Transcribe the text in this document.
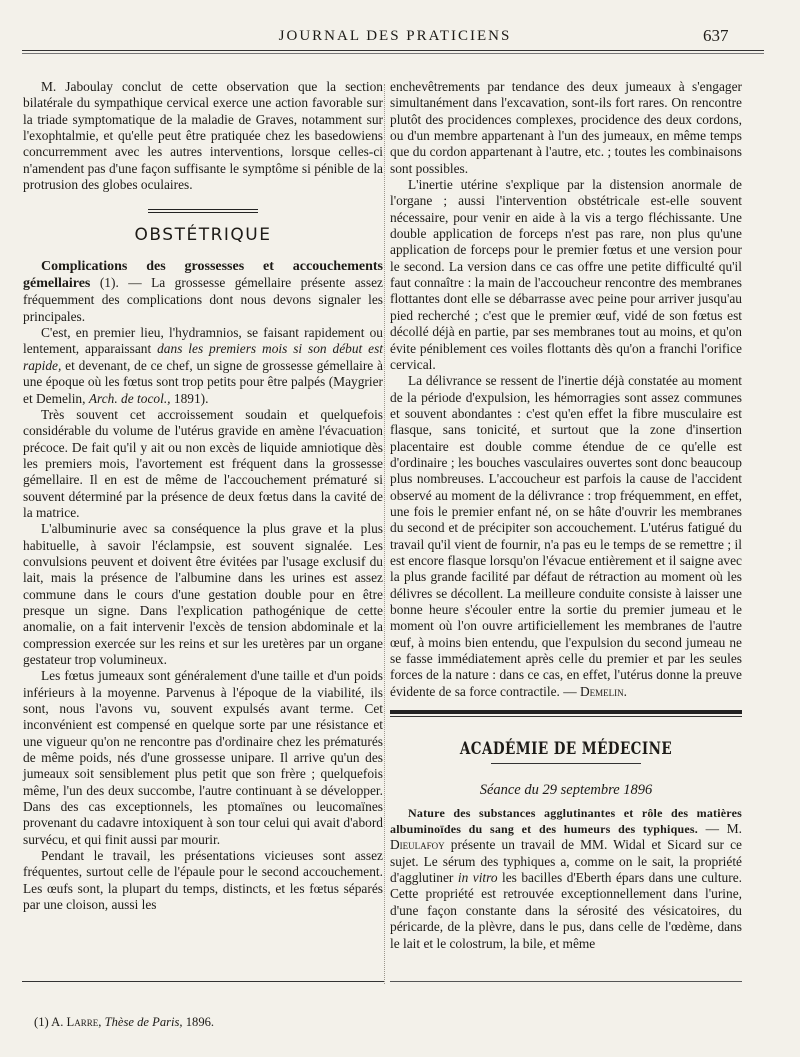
JOURNAL DES PRATICIENS	637

M. Jaboulay conclut de cette observation que la section bilatérale du sympathique cervical exerce une action favorable sur la triade symptomatique de la maladie de Graves, notamment sur l'exophtalmie, et qu'elle peut être pratiquée chez les basedowiens concurremment avec les autres interventions, lorsque celles-ci n'amendent pas d'une façon suffisante le symptôme si pénible de la protrusion des globes oculaires.

OBSTÉTRIQUE

Complications des grossesses et accouchements gémellaires (1). — La grossesse gémellaire présente assez fréquemment des complications dont nous devons signaler les principales.

C'est, en premier lieu, l'hydramnios, se faisant rapidement ou lentement, apparaissant dans les premiers mois si son début est rapide, et devenant, de ce chef, un signe de grossesse gémellaire à une époque où les fœtus sont trop petits pour être palpés (Maygrier et Demelin, Arch. de tocol., 1891).

Très souvent cet accroissement soudain et quelquefois considérable du volume de l'utérus gravide en amène l'évacuation précoce. De fait qu'il y ait ou non excès de liquide amniotique dès les premiers mois, l'avortement est fréquent dans la grossesse gémellaire. Il en est de même de l'accouchement prématuré si souvent déterminé par la présence de deux fœtus dans la cavité de la matrice.

L'albuminurie avec sa conséquence la plus grave et la plus habituelle, à savoir l'éclampsie, est souvent signalée. Les convulsions peuvent et doivent être évitées par l'usage exclusif du lait, mais la présence de l'albumine dans les urines est assez commune dans le cours d'une gestation double pour en être presque un signe. Dans l'explication pathogénique de cette anomalie, on a fait intervenir l'excès de tension abdominale et la compression exercée sur les reins et sur les uretères par un organe gestateur trop volumineux.

Les fœtus jumeaux sont généralement d'une taille et d'un poids inférieurs à la moyenne. Parvenus à l'époque de la viabilité, ils sont, nous l'avons vu, souvent expulsés avant terme. Cet inconvénient est compensé en quelque sorte par une résistance et une vigueur qu'on ne rencontre pas d'ordinaire chez les prématurés de même poids, nés d'une grossesse unipare. Il arrive qu'un des jumeaux soit sensiblement plus petit que son frère ; quelquefois même, l'un des deux succombe, l'autre continuant à se développer. Dans des cas exceptionnels, les ptomaïnes ou leucomaïnes provenant du cadavre intoxiquent à son tour celui qui avait d'abord survécu, et qui finit aussi par mourir.

Pendant le travail, les présentations vicieuses sont assez fréquentes, surtout celle de l'épaule pour le second accouchement. Les œufs sont, la plupart du temps, distincts, et les fœtus séparés par une cloison, aussi les

enchevêtrements par tendance des deux jumeaux à s'engager simultanément dans l'excavation, sont-ils fort rares. On rencontre plutôt des procidences complexes, procidence des deux cordons, ou d'un membre appartenant à l'un des jumeaux, en même temps que du cordon appartenant à l'autre, etc. ; toutes les combinaisons sont possibles.

L'inertie utérine s'explique par la distension anormale de l'organe ; aussi l'intervention obstétricale est-elle souvent nécessaire, pour venir en aide à la vis a tergo fléchissante. Une double application de forceps n'est pas rare, non plus qu'une application de forceps pour le premier fœtus et une version pour le second. La version dans ce cas offre une petite difficulté qu'il faut connaître : la main de l'accoucheur rencontre des membranes flottantes dont elle se débarrasse avec peine pour arriver jusqu'au pied recherché ; c'est que le premier œuf, vidé de son fœtus est décollé déjà en partie, par ses membranes tout au moins, et qu'on évite péniblement ces voiles flottants dès qu'on a franchi l'orifice cervical.

La délivrance se ressent de l'inertie déjà constatée au moment de la période d'expulsion, les hémorragies sont assez communes et souvent abondantes : c'est qu'en effet la fibre musculaire est flasque, sans tonicité, et surtout que la zone d'insertion placentaire est double comme étendue de ce qu'elle est d'ordinaire ; les bouches vasculaires ouvertes sont donc beaucoup plus nombreuses. L'accoucheur est parfois la cause de l'accident observé au moment de la délivrance : trop fréquemment, en effet, une fois le premier enfant né, on se hâte d'ouvrir les membranes du second et de précipiter son accouchement. L'utérus fatigué du travail qu'il vient de fournir, n'a pas eu le temps de se remettre ; il est encore flasque lorsqu'on l'évacue entièrement et il saigne avec la plus grande facilité par défaut de rétraction au moment où les délivres se décollent. La meilleure conduite consiste à laisser une bonne heure s'écouler entre la sortie du premier jumeau et le moment où l'on ouvre artificiellement les membranes de l'autre œuf, à moins bien entendu, que l'expulsion du second jumeau ne se fasse immédiatement après celle du premier et par les seules forces de la nature : dans ce cas, en effet, l'utérus donne la preuve évidente de sa force contractile. — Demelin.

ACADÉMIE DE MÉDECINE
Séance du 29 septembre 1896

Nature des substances agglutinantes et rôle des matières albuminoïdes du sang et des humeurs des typhiques. — M. Dieulafoy présente un travail de MM. Widal et Sicard sur ce sujet. Le sérum des typhiques a, comme on le sait, la propriété d'agglutiner in vitro les bacilles d'Eberth épars dans une culture. Cette propriété est retrouvée exceptionnellement dans l'urine, d'une façon constante dans la sérosité des vésicatoires, du péricarde, de la plèvre, dans le pus, dans celle de l'œdème, dans le lait et le colostrum, la bile, et même

(1) A. Larre, Thèse de Paris, 1896.
